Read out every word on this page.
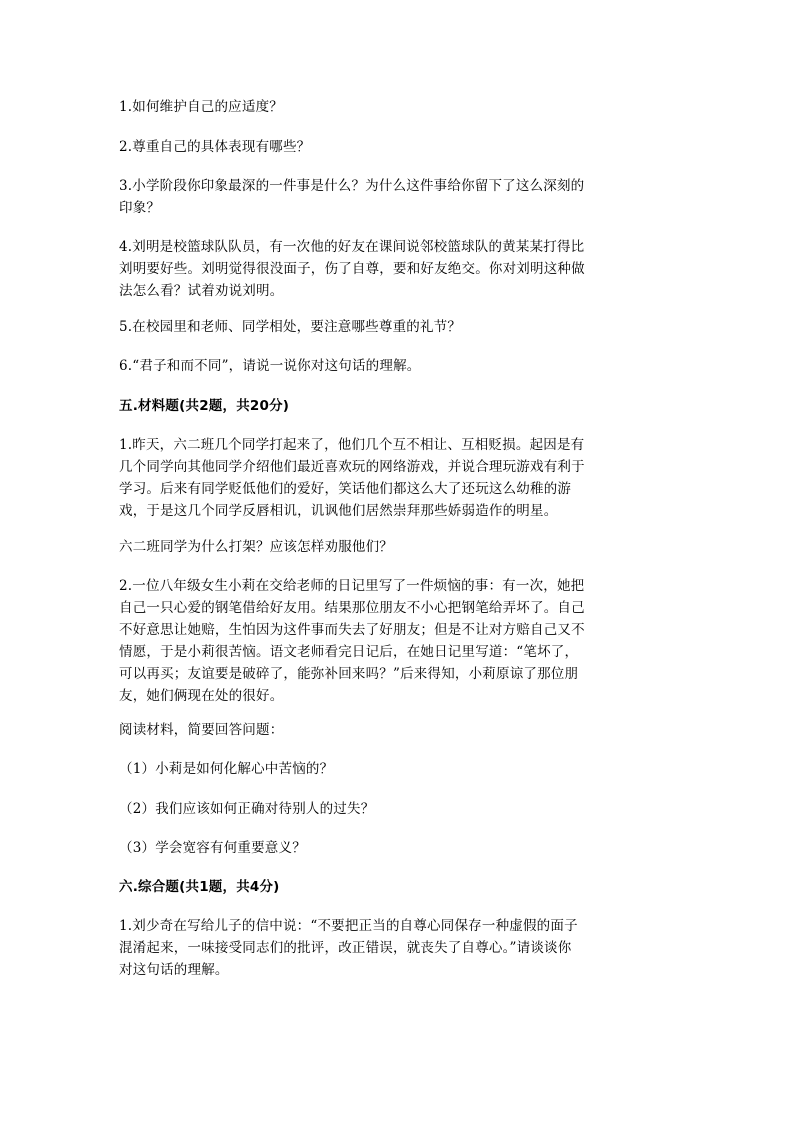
1.如何维护自己的应适度？
2.尊重自己的具体表现有哪些？
3.小学阶段你印象最深的一件事是什么？为什么这件事给你留下了这么深刻的
印象？
4.刘明是校篮球队队员，有一次他的好友在课间说邻校篮球队的黄某某打得比
刘明要好些。刘明觉得很没面子，伤了自尊，要和好友绝交。你对刘明这种做
法怎么看？试着劝说刘明。
5.在校园里和老师、同学相处，要注意哪些尊重的礼节？
6.“君子和而不同”，请说一说你对这句话的理解。
五.材料题(共2题，共20分)
1.昨天，六二班几个同学打起来了，他们几个互不相让、互相贬损。起因是有
几个同学向其他同学介绍他们最近喜欢玩的网络游戏，并说合理玩游戏有利于
学习。后来有同学贬低他们的爱好，笑话他们都这么大了还玩这么幼稚的游
戏，于是这几个同学反唇相讥，讥讽他们居然崇拜那些娇弱造作的明星。
六二班同学为什么打架？应该怎样劝服他们？
2.一位八年级女生小莉在交给老师的日记里写了一件烦恼的事：有一次，她把
自己一只心爱的钢笔借给好友用。结果那位朋友不小心把钢笔给弄坏了。自己
不好意思让她赔，生怕因为这件事而失去了好朋友；但是不让对方赔自己又不
情愿，于是小莉很苦恼。语文老师看完日记后，在她日记里写道：“笔坏了，
可以再买；友谊要是破碎了，能弥补回来吗？”后来得知，小莉原谅了那位朋
友，她们俩现在处的很好。
阅读材料，简要回答问题：
（1）小莉是如何化解心中苦恼的？
（2）我们应该如何正确对待别人的过失？
（3）学会宽容有何重要意义？
六.综合题(共1题，共4分)
1.刘少奇在写给儿子的信中说：“不要把正当的自尊心同保存一种虚假的面子
混淆起来，一味接受同志们的批评，改正错误，就丧失了自尊心。”请谈谈你
对这句话的理解。
